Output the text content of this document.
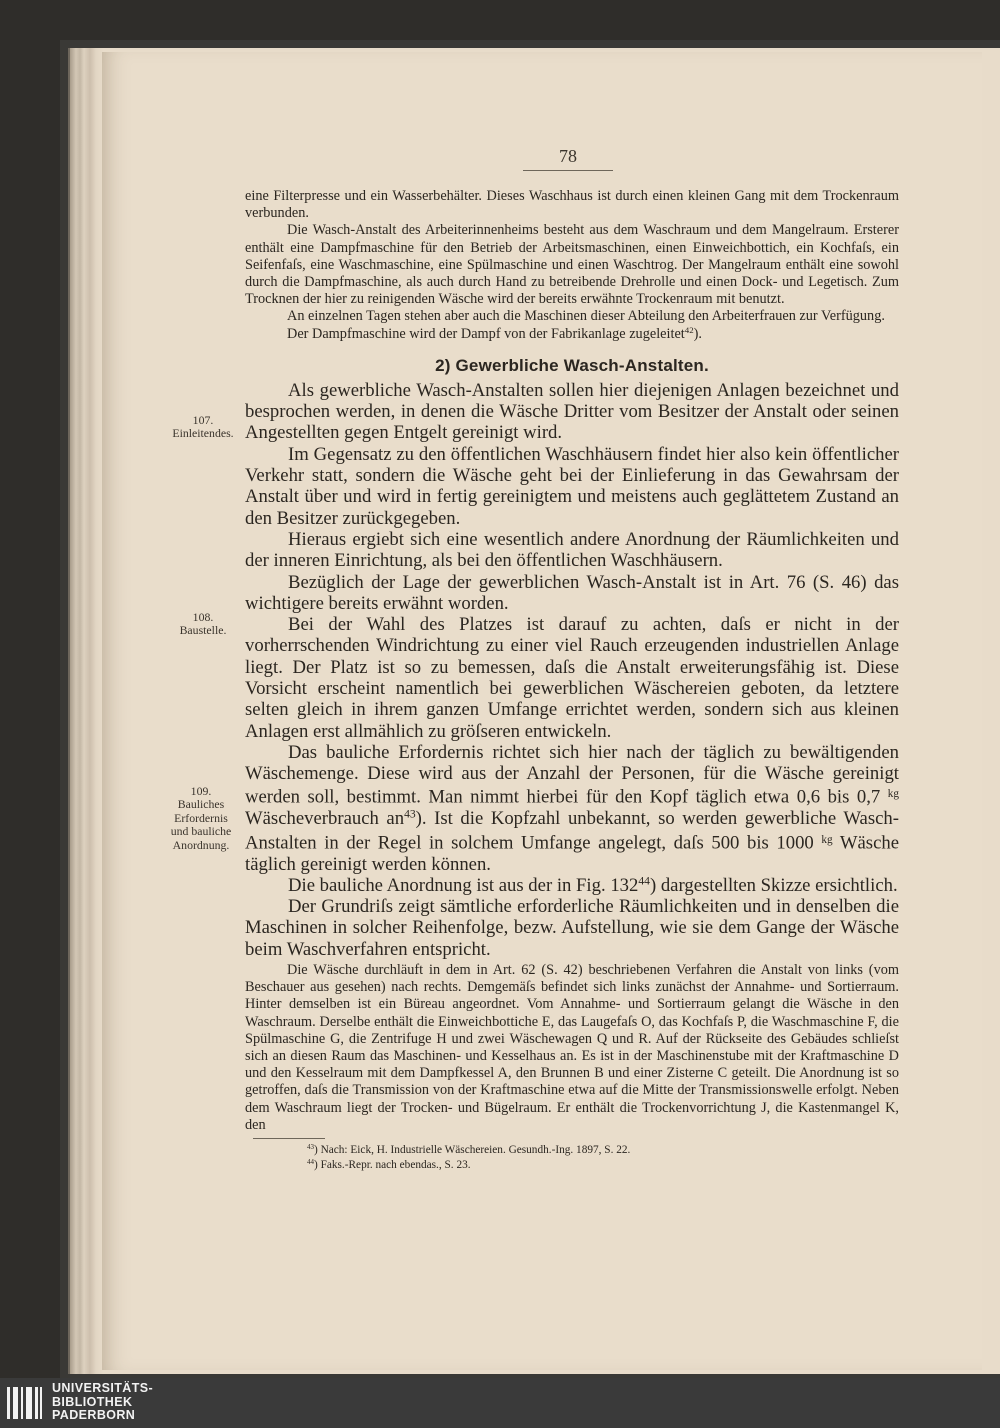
78
107.
Einleitendes.
108.
Baustelle.
109.
Bauliches Erfordernis und bauliche Anordnung.

eine Filterpresse und ein Wasserbehälter. Dieses Waschhaus ist durch einen kleinen Gang mit dem Trockenraum verbunden.

Die Wasch-Anstalt des Arbeiterinnenheims besteht aus dem Waschraum und dem Mangelraum. Ersterer enthält eine Dampfmaschine für den Betrieb der Arbeitsmaschinen, einen Einweichbottich, ein Kochfaſs, ein Seifenfaſs, eine Waschmaschine, eine Spülmaschine und einen Waschtrog. Der Mangelraum enthält eine sowohl durch die Dampfmaschine, als auch durch Hand zu betreibende Drehrolle und einen Dock- und Legetisch. Zum Trocknen der hier zu reinigenden Wäsche wird der bereits erwähnte Trockenraum mit benutzt.

An einzelnen Tagen stehen aber auch die Maschinen dieser Abteilung den Arbeiterfrauen zur Verfügung.

Der Dampfmaschine wird der Dampf von der Fabrikanlage zugeleitet$^{42}$).

2) Gewerbliche Wasch-Anstalten.

Als gewerbliche Wasch-Anstalten sollen hier diejenigen Anlagen bezeichnet und besprochen werden, in denen die Wäsche Dritter vom Besitzer der Anstalt oder seinen Angestellten gegen Entgelt gereinigt wird.

Im Gegensatz zu den öffentlichen Waschhäusern findet hier also kein öffentlicher Verkehr statt, sondern die Wäsche geht bei der Einlieferung in das Gewahrsam der Anstalt über und wird in fertig gereinigtem und meistens auch geglättetem Zustand an den Besitzer zurückgegeben.

Hieraus ergiebt sich eine wesentlich andere Anordnung der Räumlichkeiten und der inneren Einrichtung, als bei den öffentlichen Waschhäusern.

Bezüglich der Lage der gewerblichen Wasch-Anstalt ist in Art. 76 (S. 46) das wichtigere bereits erwähnt worden.

Bei der Wahl des Platzes ist darauf zu achten, daſs er nicht in der vorherrschenden Windrichtung zu einer viel Rauch erzeugenden industriellen Anlage liegt. Der Platz ist so zu bemessen, daſs die Anstalt erweiterungsfähig ist. Diese Vorsicht erscheint namentlich bei gewerblichen Wäschereien geboten, da letztere selten gleich in ihrem ganzen Umfange errichtet werden, sondern sich aus kleinen Anlagen erst allmählich zu gröſseren entwickeln.

Das bauliche Erfordernis richtet sich hier nach der täglich zu bewältigenden Wäschemenge. Diese wird aus der Anzahl der Personen, für die Wäsche gereinigt werden soll, bestimmt. Man nimmt hierbei für den Kopf täglich etwa 0,6 bis 0,7 $^{kg}$ Wäscheverbrauch $an^{43}$). Ist die Kopfzahl unbekannt, so werden gewerbliche Wasch-Anstalten in der Regel in solchem Umfange angelegt, daſs 500 bis 1000 $^{kg}$ Wäsche täglich gereinigt werden können.

Die bauliche Anordnung ist aus der in Fig. $132^{44}$) dargestellten Skizze ersichtlich.

Der Grundriſs zeigt sämtliche erforderliche Räumlichkeiten und in denselben die Maschinen in solcher Reihenfolge, bezw. Aufstellung, wie sie dem Gange der Wäsche beim Waschverfahren entspricht.

Die Wäsche durchläuft in dem in Art. 62 (S. 42) beschriebenen Verfahren die Anstalt von links (vom Beschauer aus gesehen) nach rechts. Demgemäſs befindet sich links zunächst der Annahme- und Sortierraum. Hinter demselben ist ein Büreau angeordnet. Vom Annahme- und Sortierraum gelangt die Wäsche in den Waschraum. Derselbe enthält die Einweichbottiche E, das Laugefaſs O, das Kochfaſs P, die Waschmaschine F, die Spülmaschine G, die Zentrifuge H und zwei Wäschewagen Q und R. Auf der Rückseite des Gebäudes schlieſst sich an diesen Raum das Maschinen- und Kesselhaus an. Es ist in der Maschinenstube mit der Kraftmaschine D und den Kesselraum mit dem Dampfkessel A, den Brunnen B und einer Zisterne C geteilt. Die Anordnung ist so getroffen, daſs die Transmission von der Kraftmaschine etwa auf die Mitte der Transmissionswelle erfolgt. Neben dem Waschraum liegt der Trocken- und Bügelraum. Er enthält die Trockenvorrichtung J, die Kastenmangel K, den

$^{43}$) Nach: Eick, H. Industrielle Wäschereien. Gesundh.-Ing. 1897, S. 22.

$^{44}$) Faks.-Repr. nach ebendas., S. 23.

UNIVERSITÄTS-
BIBLIOTHEK
PADERBORN
